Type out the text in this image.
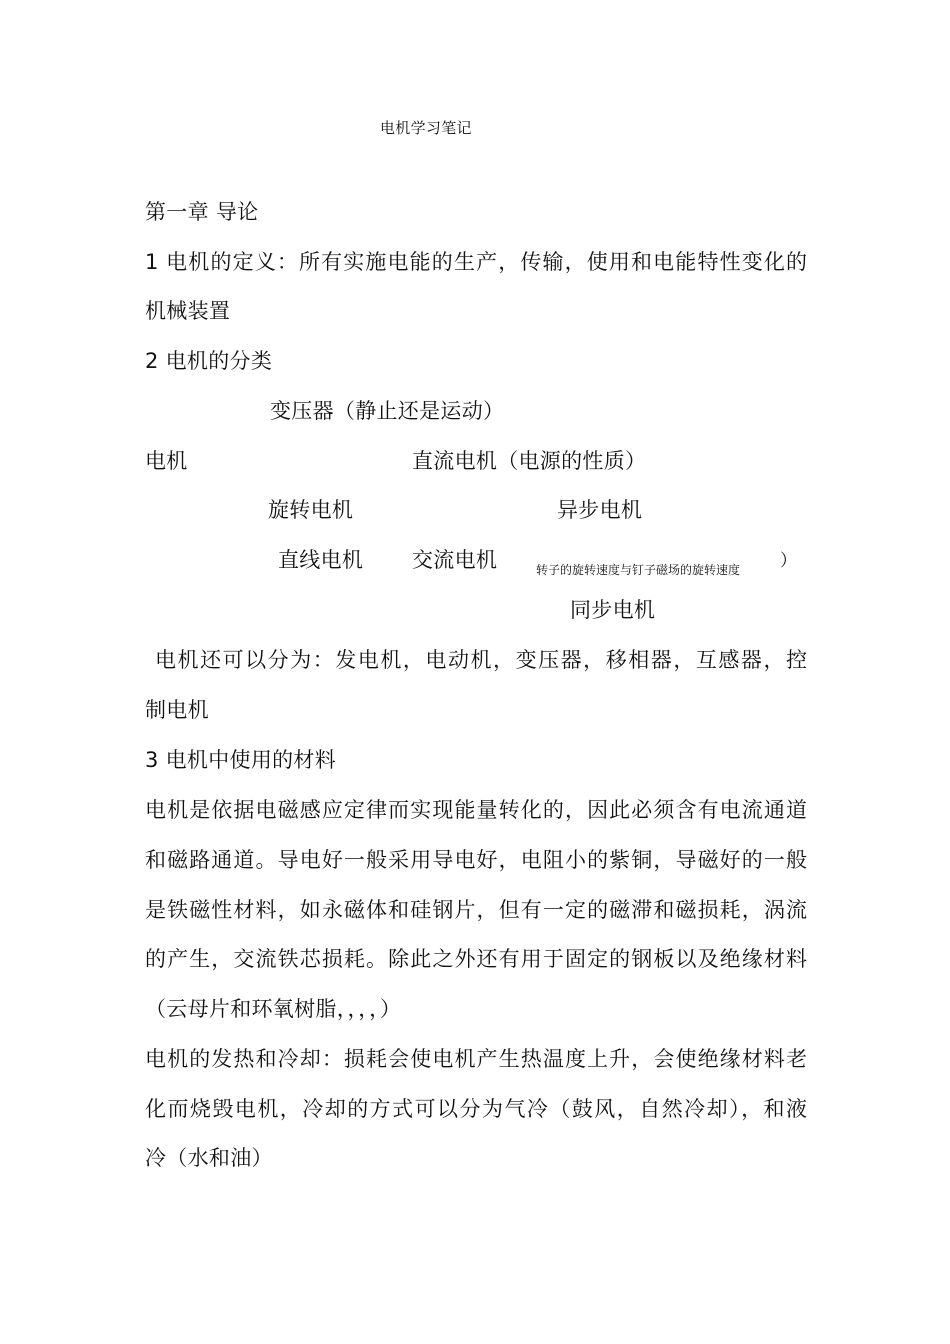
电机学习笔记
第一章 导论
1 电机的定义：所有实施电能的生产，传输，使用和电能特性变化的
机械装置
2 电机的分类
变压器（静止还是运动）
电机	直流电机（电源的性质）
旋转电机	异步电机
直线电机 交流电机	转子的旋转速度与钉子磁场的旋转速度 ）
同步电机
电机还可以分为：发电机，电动机，变压器，移相器，互感器，控
制电机
3 电机中使用的材料
电机是依据电磁感应定律而实现能量转化的，因此必须含有电流通道
和磁路通道。导电好一般采用导电好，电阻小的紫铜，导磁好的一般
是铁磁性材料，如永磁体和硅钢片，但有一定的磁滞和磁损耗，涡流
的产生，交流铁芯损耗。除此之外还有用于固定的钢板以及绝缘材料
（云母片和环氧树脂，，，，）
电机的发热和冷却：损耗会使电机产生热温度上升，会使绝缘材料老
化而烧毁电机，冷却的方式可以分为气冷（鼓风，自然冷却），和液
冷（水和油）
